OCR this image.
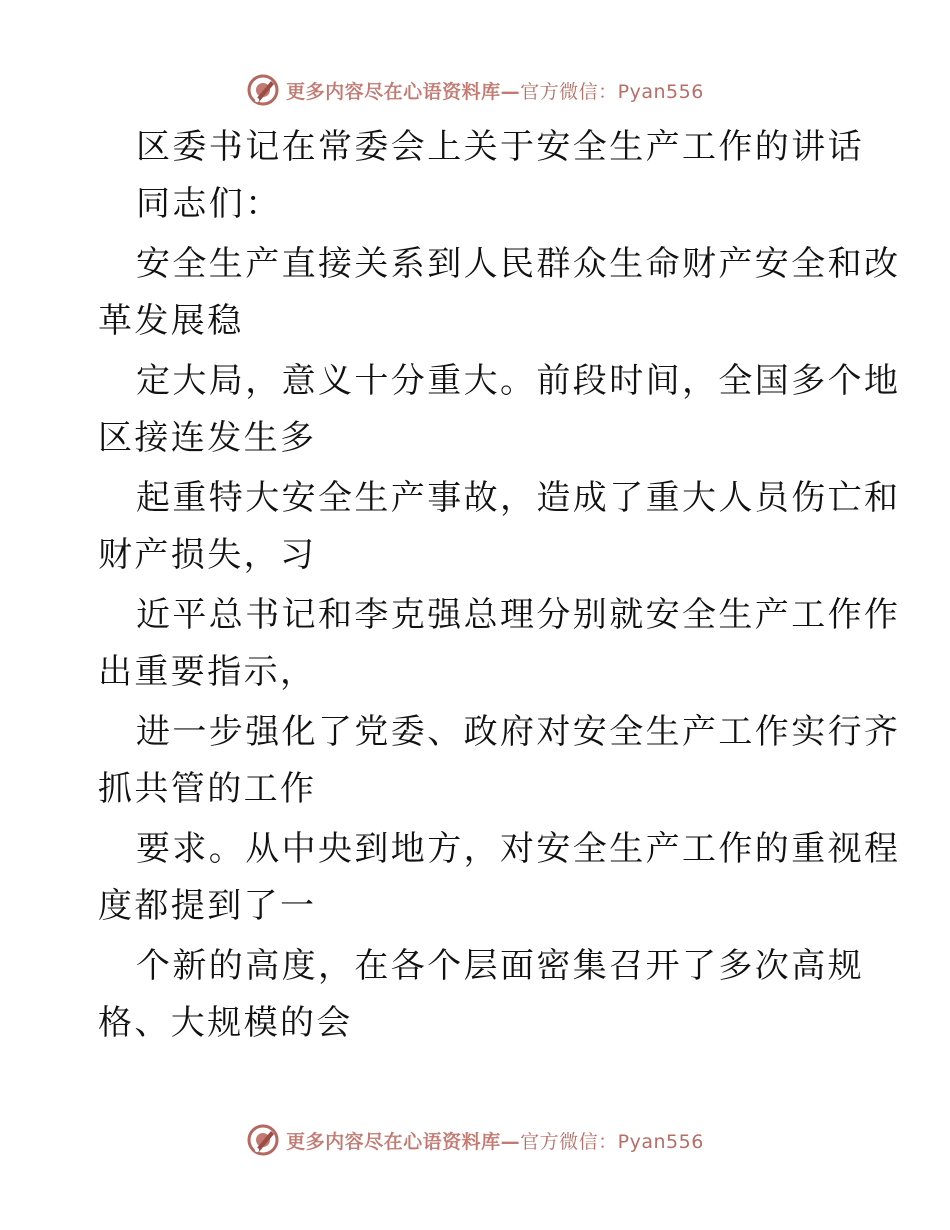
更多内容尽在心语资料库—官方微信：Pyan556
区委书记在常委会上关于安全生产工作的讲话
同志们：
安全生产直接关系到人民群众生命财产安全和改
革发展稳
定大局，意义十分重大。前段时间，全国多个地
区接连发生多
起重特大安全生产事故，造成了重大人员伤亡和
财产损失，习
近平总书记和李克强总理分别就安全生产工作作
出重要指示，
进一步强化了党委、政府对安全生产工作实行齐
抓共管的工作
要求。从中央到地方，对安全生产工作的重视程
度都提到了一
个新的高度，在各个层面密集召开了多次高规
格、大规模的会
更多内容尽在心语资料库—官方微信：Pyan556
